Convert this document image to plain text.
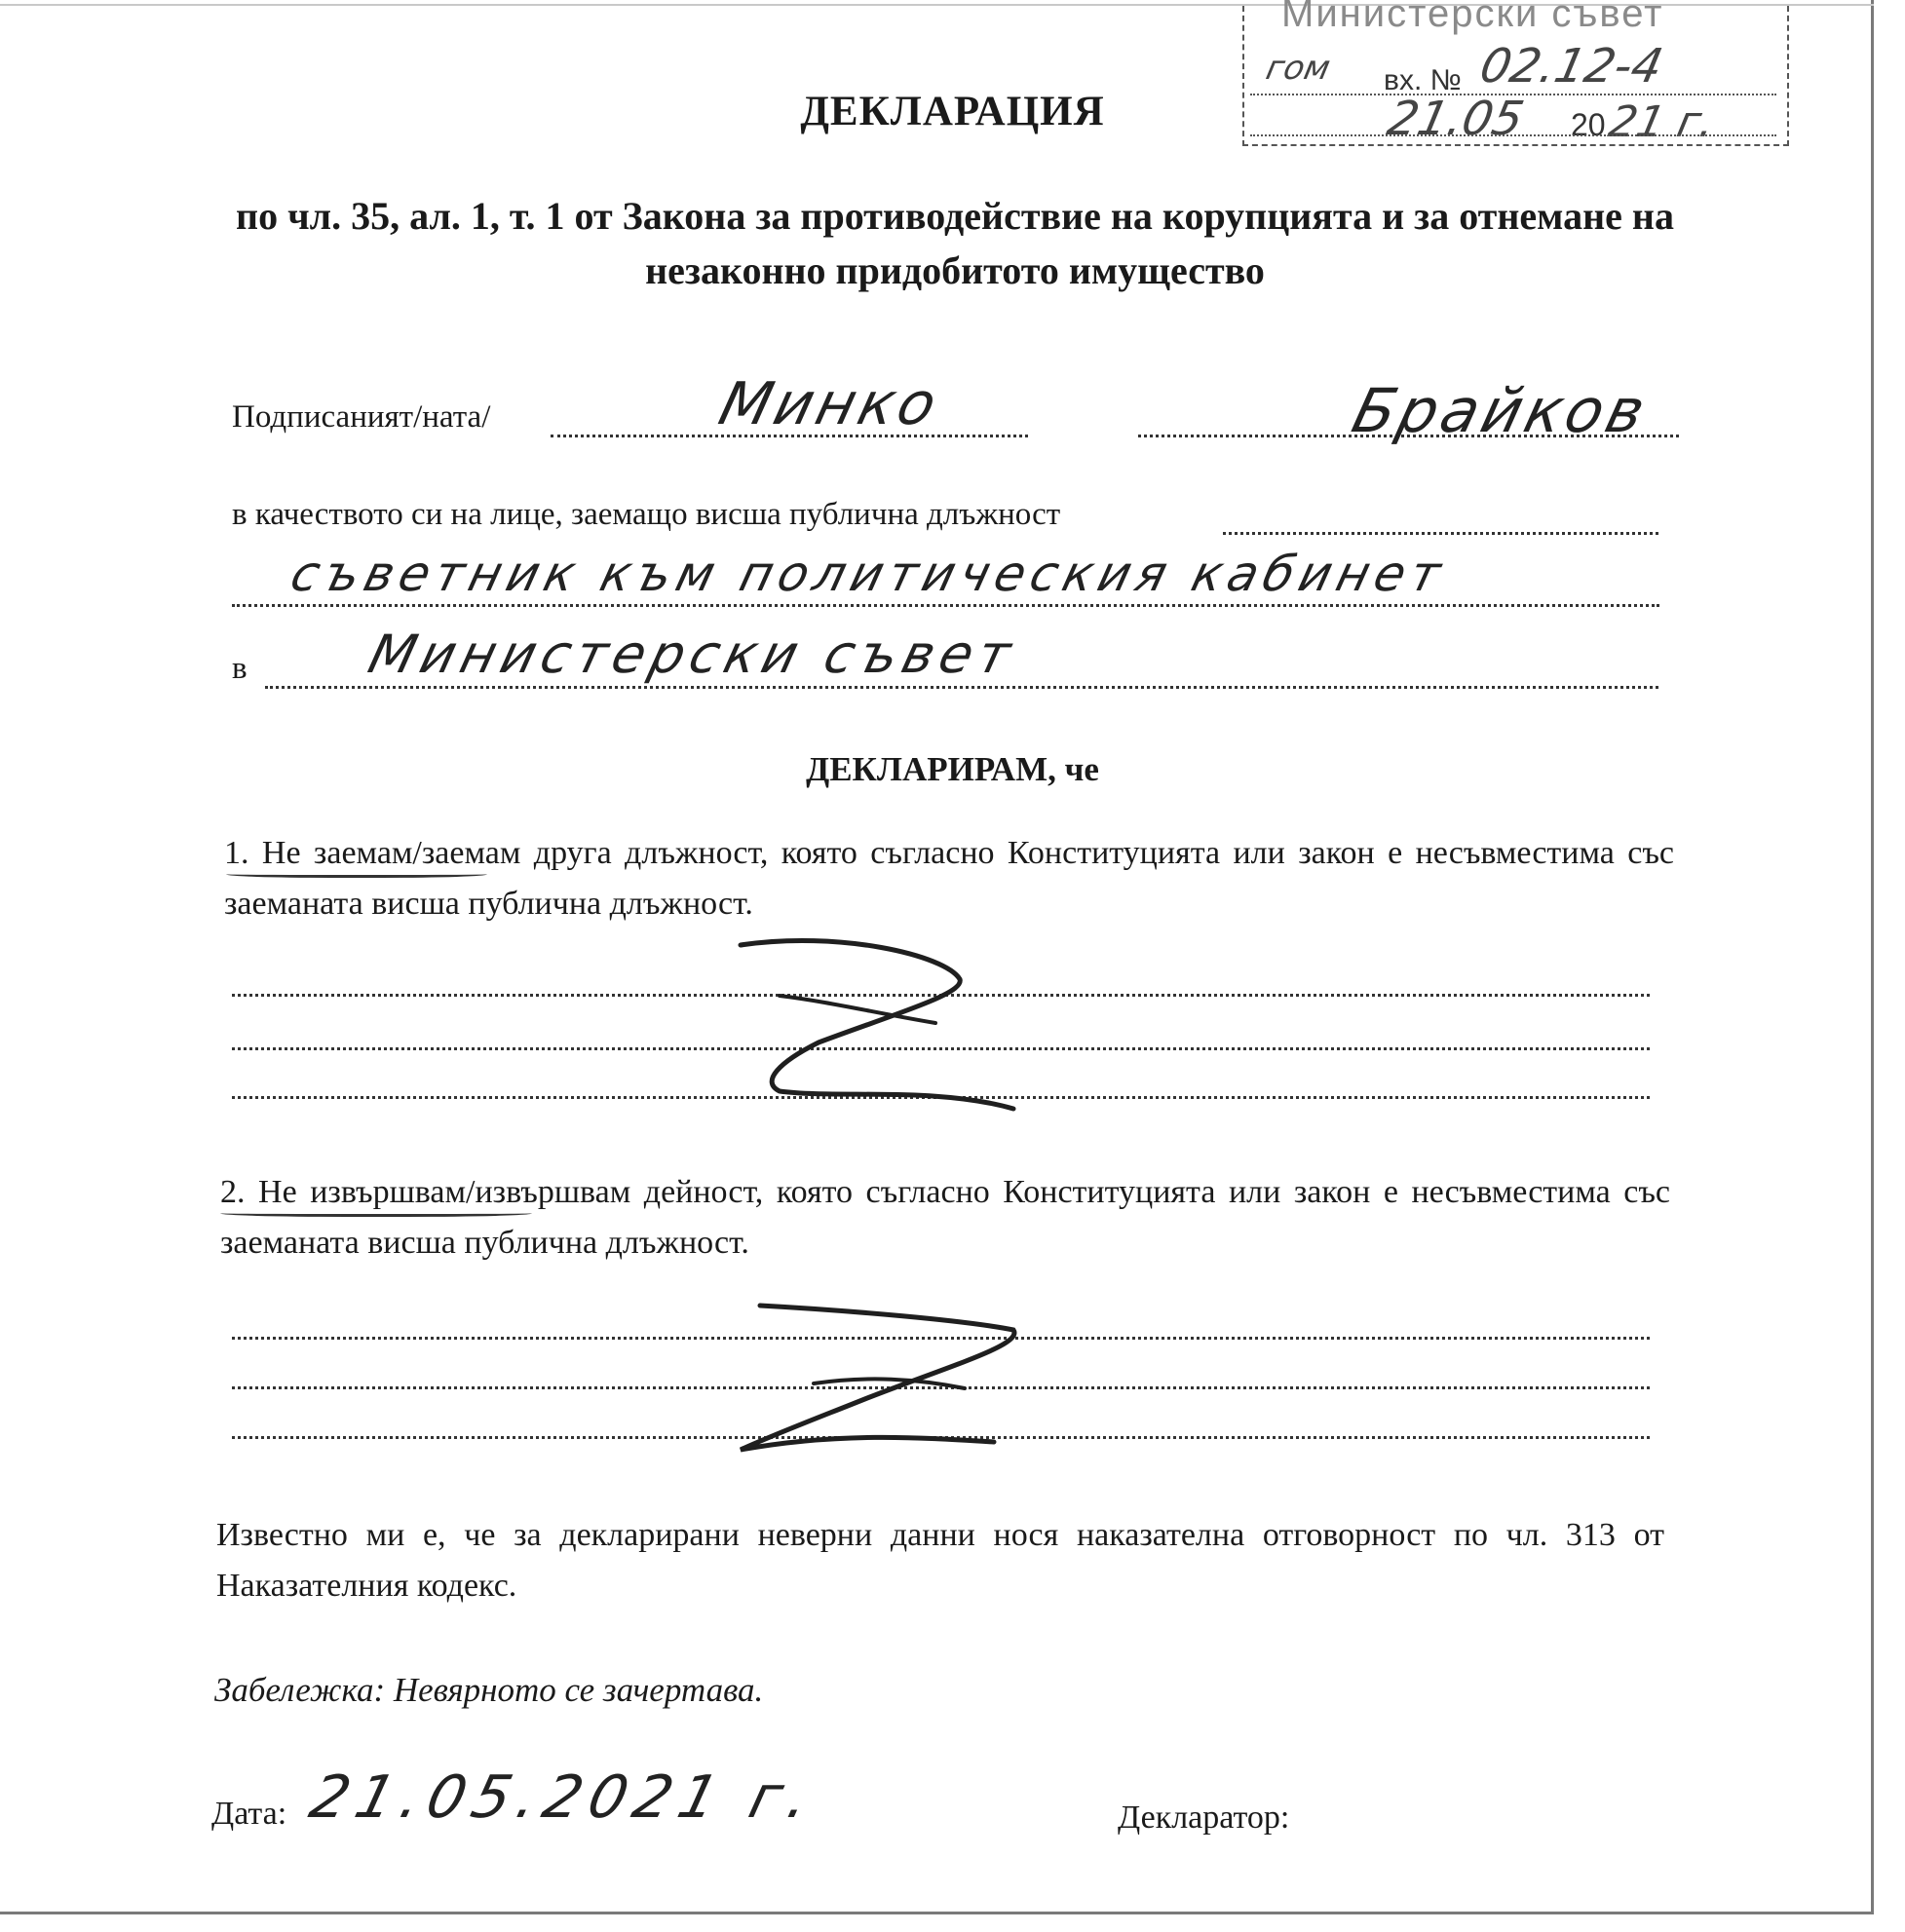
Министерски съвет
гом вх. № 02.12-4
21.05 20
21 г.
ДЕКЛАРАЦИЯ
по чл. 35, ал. 1, т. 1 от Закона за противодействие на корупцията и за отнемане на незаконно придобитото имущество
Подписаният/ната/	Минко	Брайков
в качеството си на лице, заемащо висша публична длъжност
съветник към политическия кабинет
в Министерски съвет
ДЕКЛАРИРАМ, че
1. Не заемам/заемам друга длъжност, която съгласно Конституцията или закон е несъвместима със заеманата висша публична длъжност.
2. Не извършвам/извършвам дейност, която съгласно Конституцията или закон е несъвместима със заеманата висша публична длъжност.
Известно ми е, че за декларирани неверни данни нося наказателна отговорност по чл. 313 от Наказателния кодекс.
Забележка: Невярното се зачертава.
Дата: 21.05.2021 г.	Декларатор:
